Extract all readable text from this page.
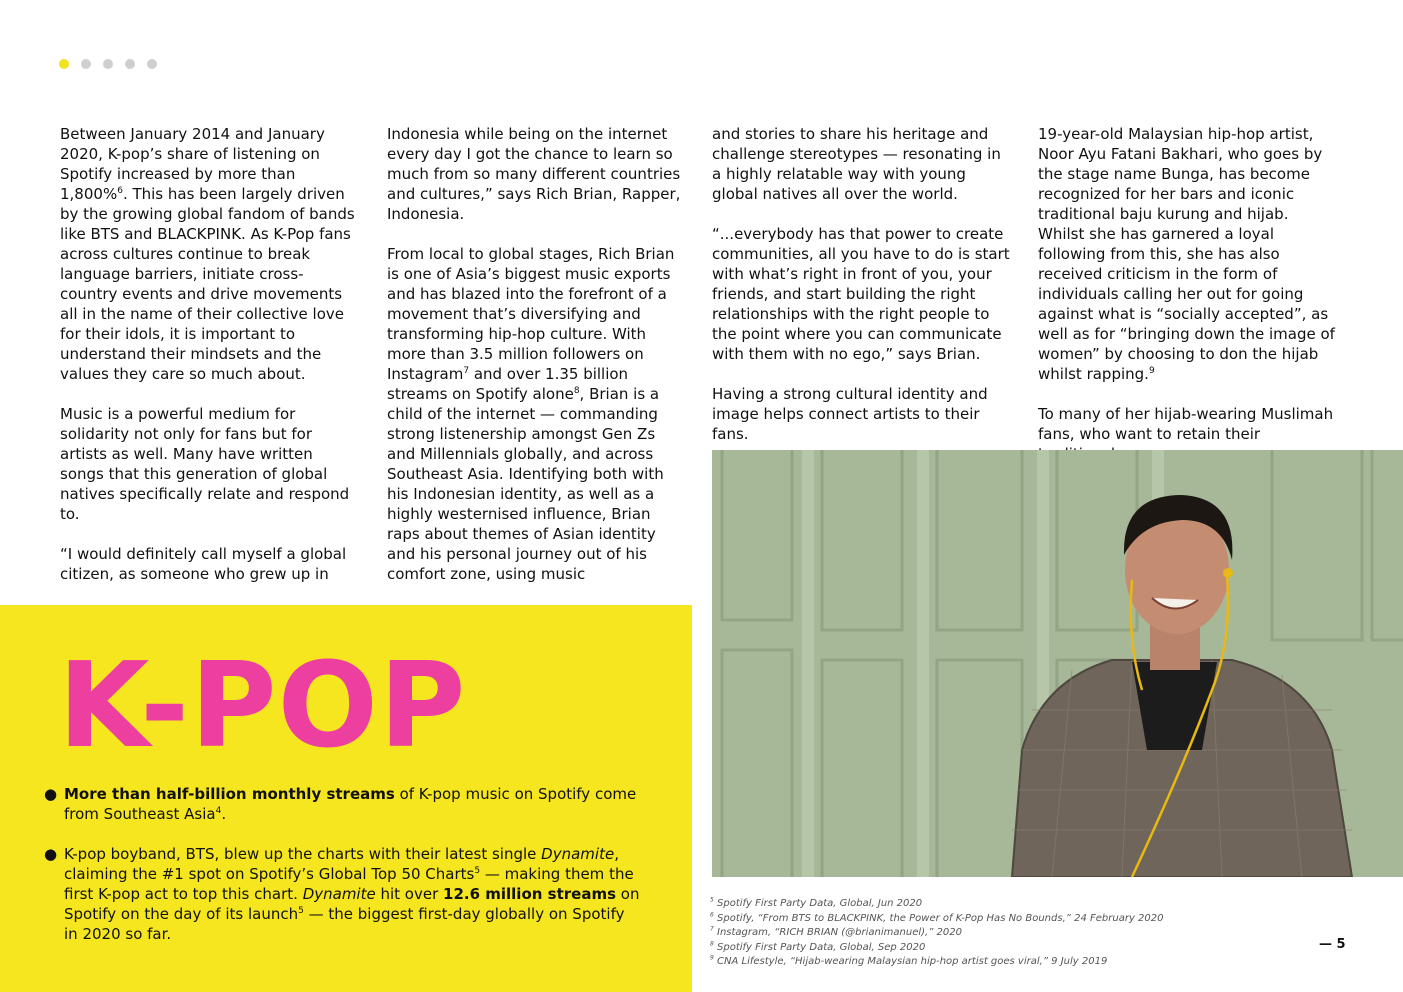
Between January 2014 and January 2020, K-pop’s share of listening on Spotify increased by more than 1,800%$^6$. This has been largely driven by the growing global fandom of bands like BTS and BLACKPINK. As K-Pop fans across cultures continue to break language barriers, initiate cross-country events and drive movements all in the name of their collective love for their idols, it is important to understand their mindsets and the values they care so much about.

Music is a powerful medium for solidarity not only for fans but for artists as well. Many have written songs that this generation of global natives specifically relate and respond to.

“I would definitely call myself a global citizen, as someone who grew up in

Indonesia while being on the internet every day I got the chance to learn so much from so many different countries and cultures,” says Rich Brian, Rapper, Indonesia.

From local to global stages, Rich Brian is one of Asia’s biggest music exports and has blazed into the forefront of a movement that’s diversifying and transforming hip-hop culture. With more than 3.5 million followers on Instagram$^7$ and over 1.35 billion streams on Spotify alone$^8$, Brian is a child of the internet — commanding strong listenership amongst Gen Zs and Millennials globally, and across Southeast Asia. Identifying both with his Indonesian identity, as well as a highly westernised influence, Brian raps about themes of Asian identity and his personal journey out of his comfort zone, using music

and stories to share his heritage and challenge stereotypes — resonating in a highly relatable way with young global natives all over the world.

“...everybody has that power to create communities, all you have to do is start with what’s right in front of you, your friends, and start building the right relationships with the right people to the point where you can communicate with them with no ego,” says Brian.

Having a strong cultural identity and image helps connect artists to their fans.

19-year-old Malaysian hip-hop artist, Noor Ayu Fatani Bakhari, who goes by the stage name Bunga, has become recognized for her bars and iconic traditional baju kurung and hijab. Whilst she has garnered a loyal following from this, she has also received criticism in the form of individuals calling her out for going against what is “socially accepted”, as well as for “bringing down the image of women” by choosing to don the hijab whilst rapping.$^9$

To many of her hijab-wearing Muslimah fans, who want to retain their

K-POP
● More than half-billion monthly streams of K-pop music on Spotify come from Southeast Asia$^4$.
● K-pop boyband, BTS, blew up the charts with their latest single Dynamite, claiming the #1 spot on Spotify’s Global Top 50 Charts$^5$ — making them the first K-pop act to top this chart. Dynamite hit over 12.6 million streams on Spotify on the day of its launch$^5$ — the biggest first-day globally on Spotify in 2020 so far.
$^5$ Spotify First Party Data, Global, Jun 2020
$^6$ Spotify, “From BTS to BLACKPINK, the Power of K-Pop Has No Bounds,” 24 February 2020
$^7$ Instagram, “RICH BRIAN (@brianimanuel),” 2020
$^8$ Spotify First Party Data, Global, Sep 2020
$^9$ CNA Lifestyle, “Hijab-wearing Malaysian hip-hop artist goes viral,” 9 July 2019
— 5
